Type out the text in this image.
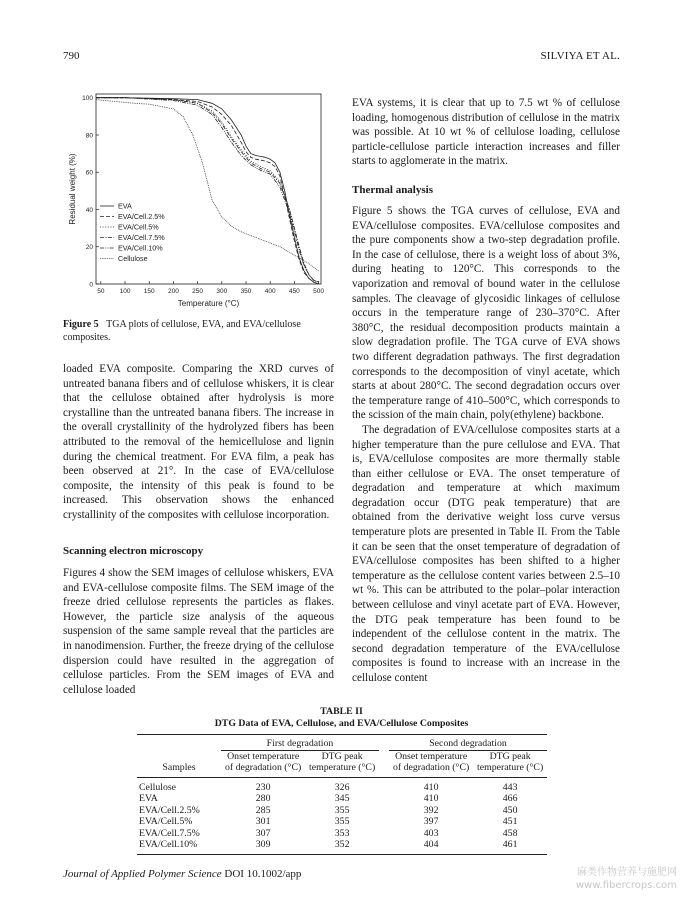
790	SILVIYA ET AL.
50 100 150 200 250 300 350 400 450 500
0
20
40
60
80
100
Temperature (°C)
Residual weight (%)	EVA
EVA/Cell.2.5%
EVA/Cell.5%
EVA/Cell.7.5%
EVA/Cell.10%
Cellulose
Figure 5 TGA plots of cellulose, EVA, and EVA/cellulose composites.

loaded EVA composite. Comparing the XRD curves of untreated banana fibers and of cellulose whiskers, it is clear that the cellulose obtained after hydrolysis is more crystalline than the untreated banana fibers. The increase in the overall crystallinity of the hydrolyzed fibers has been attributed to the removal of the hemicellulose and lignin during the chemical treatment. For EVA film, a peak has been observed at 21°. In the case of EVA/cellulose composite, the intensity of this peak is found to be increased. This observation shows the enhanced crystallinity of the composites with cellulose incorporation.

Scanning electron microscopy

Figures 4 show the SEM images of cellulose whiskers, EVA and EVA-cellulose composite films. The SEM image of the freeze dried cellulose represents the particles as flakes. However, the particle size analysis of the aqueous suspension of the same sample reveal that the particles are in nanodimension. Further, the freeze drying of the cellulose dispersion could have resulted in the aggregation of cellulose particles. From the SEM images of EVA and cellulose loaded

EVA systems, it is clear that up to 7.5 wt % of cellulose loading, homogenous distribution of cellulose in the matrix was possible. At 10 wt % of cellulose loading, cellulose particle-cellulose particle interaction increases and filler starts to agglomerate in the matrix.

Thermal analysis

Figure 5 shows the TGA curves of cellulose, EVA and EVA/cellulose composites. EVA/cellulose composites and the pure components show a two-step degradation profile. In the case of cellulose, there is a weight loss of about 3%, during heating to 120°C. This corresponds to the vaporization and removal of bound water in the cellulose samples. The cleavage of glycosidic linkages of cellulose occurs in the temperature range of 230–370°C. After 380°C, the residual decomposition products maintain a slow degradation profile. The TGA curve of EVA shows two different degradation pathways. The first degradation corresponds to the decomposition of vinyl acetate, which starts at about 280°C. The second degradation occurs over the temperature range of 410–500°C, which corresponds to the scission of the main chain, poly(ethylene) backbone.

The degradation of EVA/cellulose composites starts at a higher temperature than the pure cellulose and EVA. That is, EVA/cellulose composites are more thermally stable than either cellulose or EVA. The onset temperature of degradation and temperature at which maximum degradation occur (DTG peak temperature) that are obtained from the derivative weight loss curve versus temperature plots are presented in Table II. From the Table it can be seen that the onset temperature of degradation of EVA/cellulose composites has been shifted to a higher temperature as the cellulose content varies between 2.5–10 wt %. This can be attributed to the polar–polar interaction between cellulose and vinyl acetate part of EVA. However, the DTG peak temperature has been found to be independent of the cellulose content in the matrix. The second degradation temperature of the EVA/cellulose composites is found to increase with an increase in the cellulose content

TABLE II
DTG Data of EVA, Cellulose, and EVA/Cellulose Composites
	First degradation			Second degradation	
	Onset temperature	DTG peak		Onset temperature	DTG peak
Samples	of degradation (°C)	temperature (°C)		of degradation (°C)	temperature (°C)
Cellulose	230	326		410	443
EVA	280	345		410	466
EVA/Cell.2.5%	285	355		392	450
EVA/Cell.5%	301	355		397	451
EVA/Cell.7.5%	307	353		403	458
EVA/Cell.10%	309	352		404	461
Journal of Applied Polymer Science DOI 10.1002/app	麻类作物营养与施肥网
www.fibercrops.com
